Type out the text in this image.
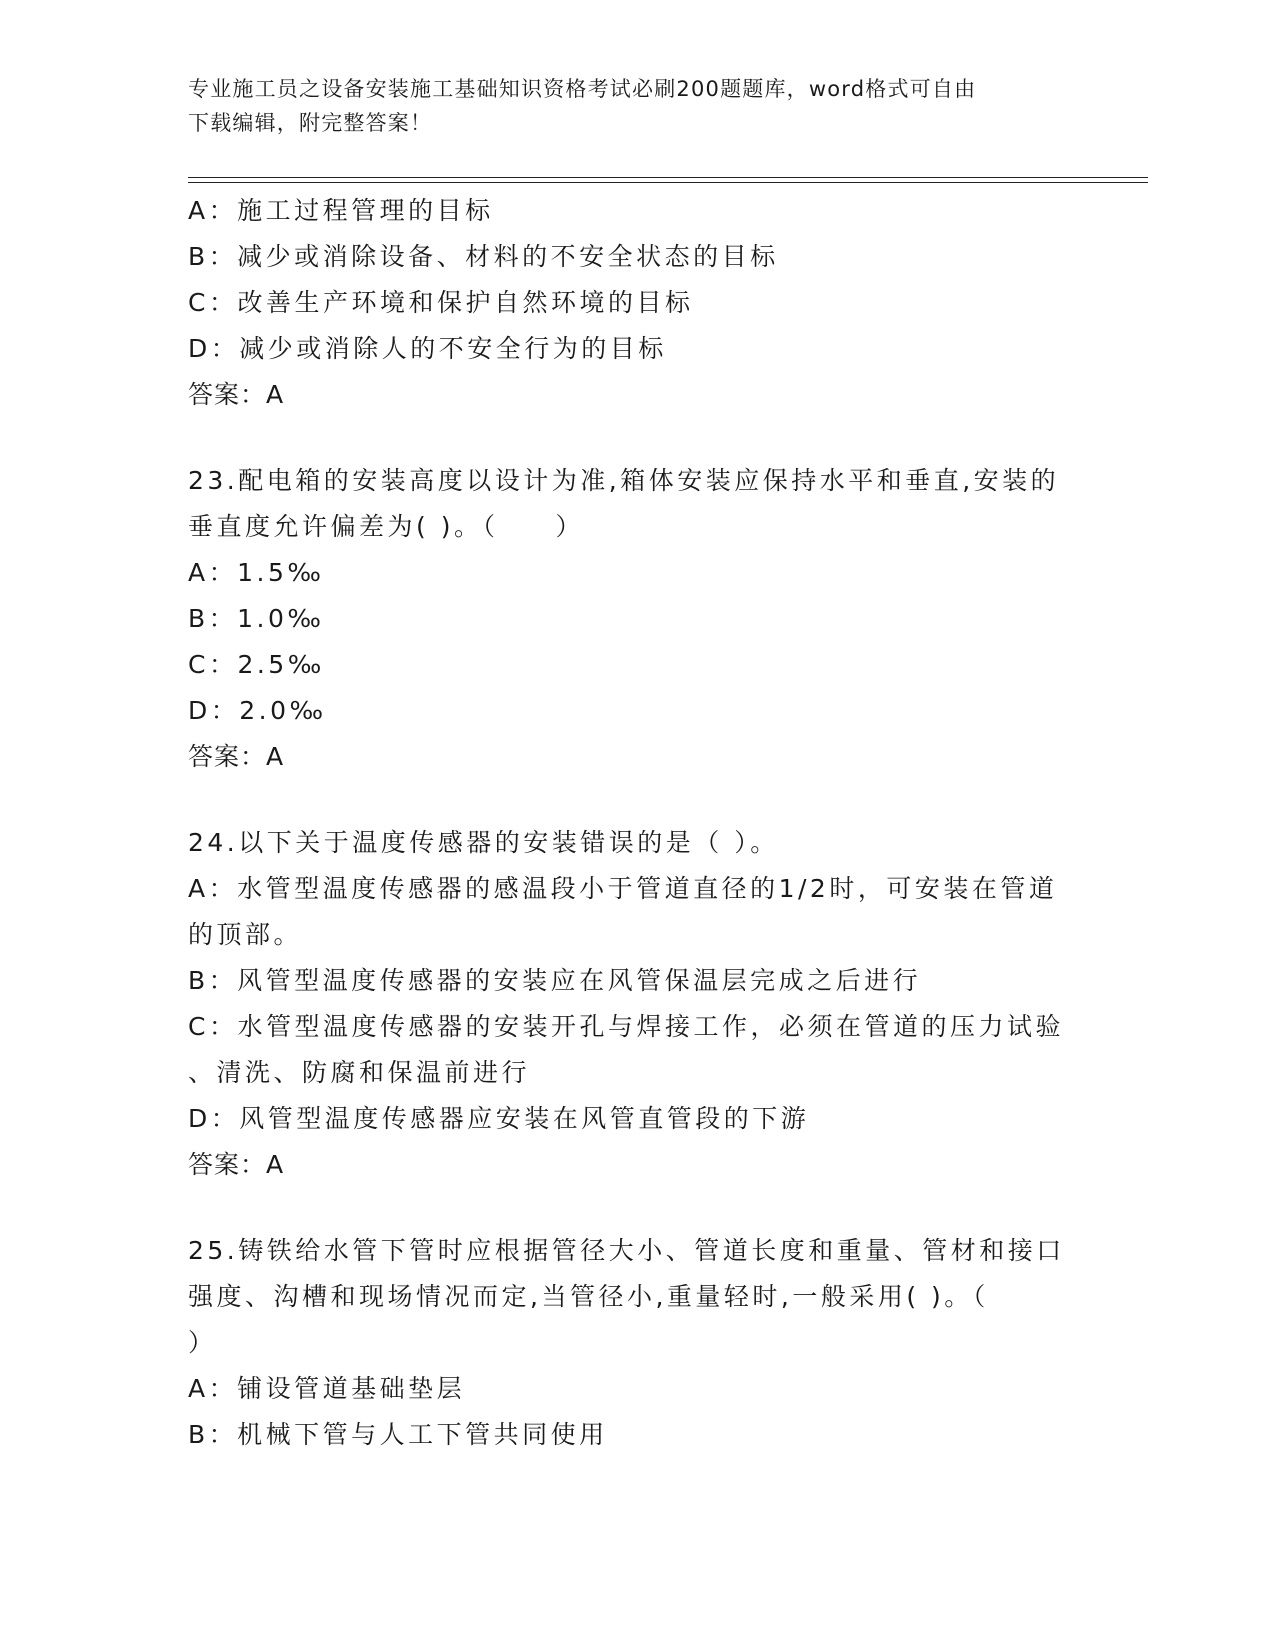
专业施工员之设备安装施工基础知识资格考试必刷200题题库，word格式可自由
下载编辑，附完整答案！
A：施工过程管理的目标
B：减少或消除设备、材料的不安全状态的目标
C：改善生产环境和保护自然环境的目标
D：减少或消除人的不安全行为的目标
答案：A
23.配电箱的安装高度以设计为准,箱体安装应保持水平和垂直,安装的
垂直度允许偏差为( )。（　　）
A：1.5‰
B：1.0‰
C：2.5‰
D：2.0‰
答案：A
24.以下关于温度传感器的安装错误的是（ ）。
A：水管型温度传感器的感温段小于管道直径的1/2时，可安装在管道
的顶部。
B：风管型温度传感器的安装应在风管保温层完成之后进行
C：水管型温度传感器的安装开孔与焊接工作，必须在管道的压力试验
、清洗、防腐和保温前进行
D：风管型温度传感器应安装在风管直管段的下游
答案：A
25.铸铁给水管下管时应根据管径大小、管道长度和重量、管材和接口
强度、沟槽和现场情况而定,当管径小,重量轻时,一般采用( )。（
）
A：铺设管道基础垫层
B：机械下管与人工下管共同使用
